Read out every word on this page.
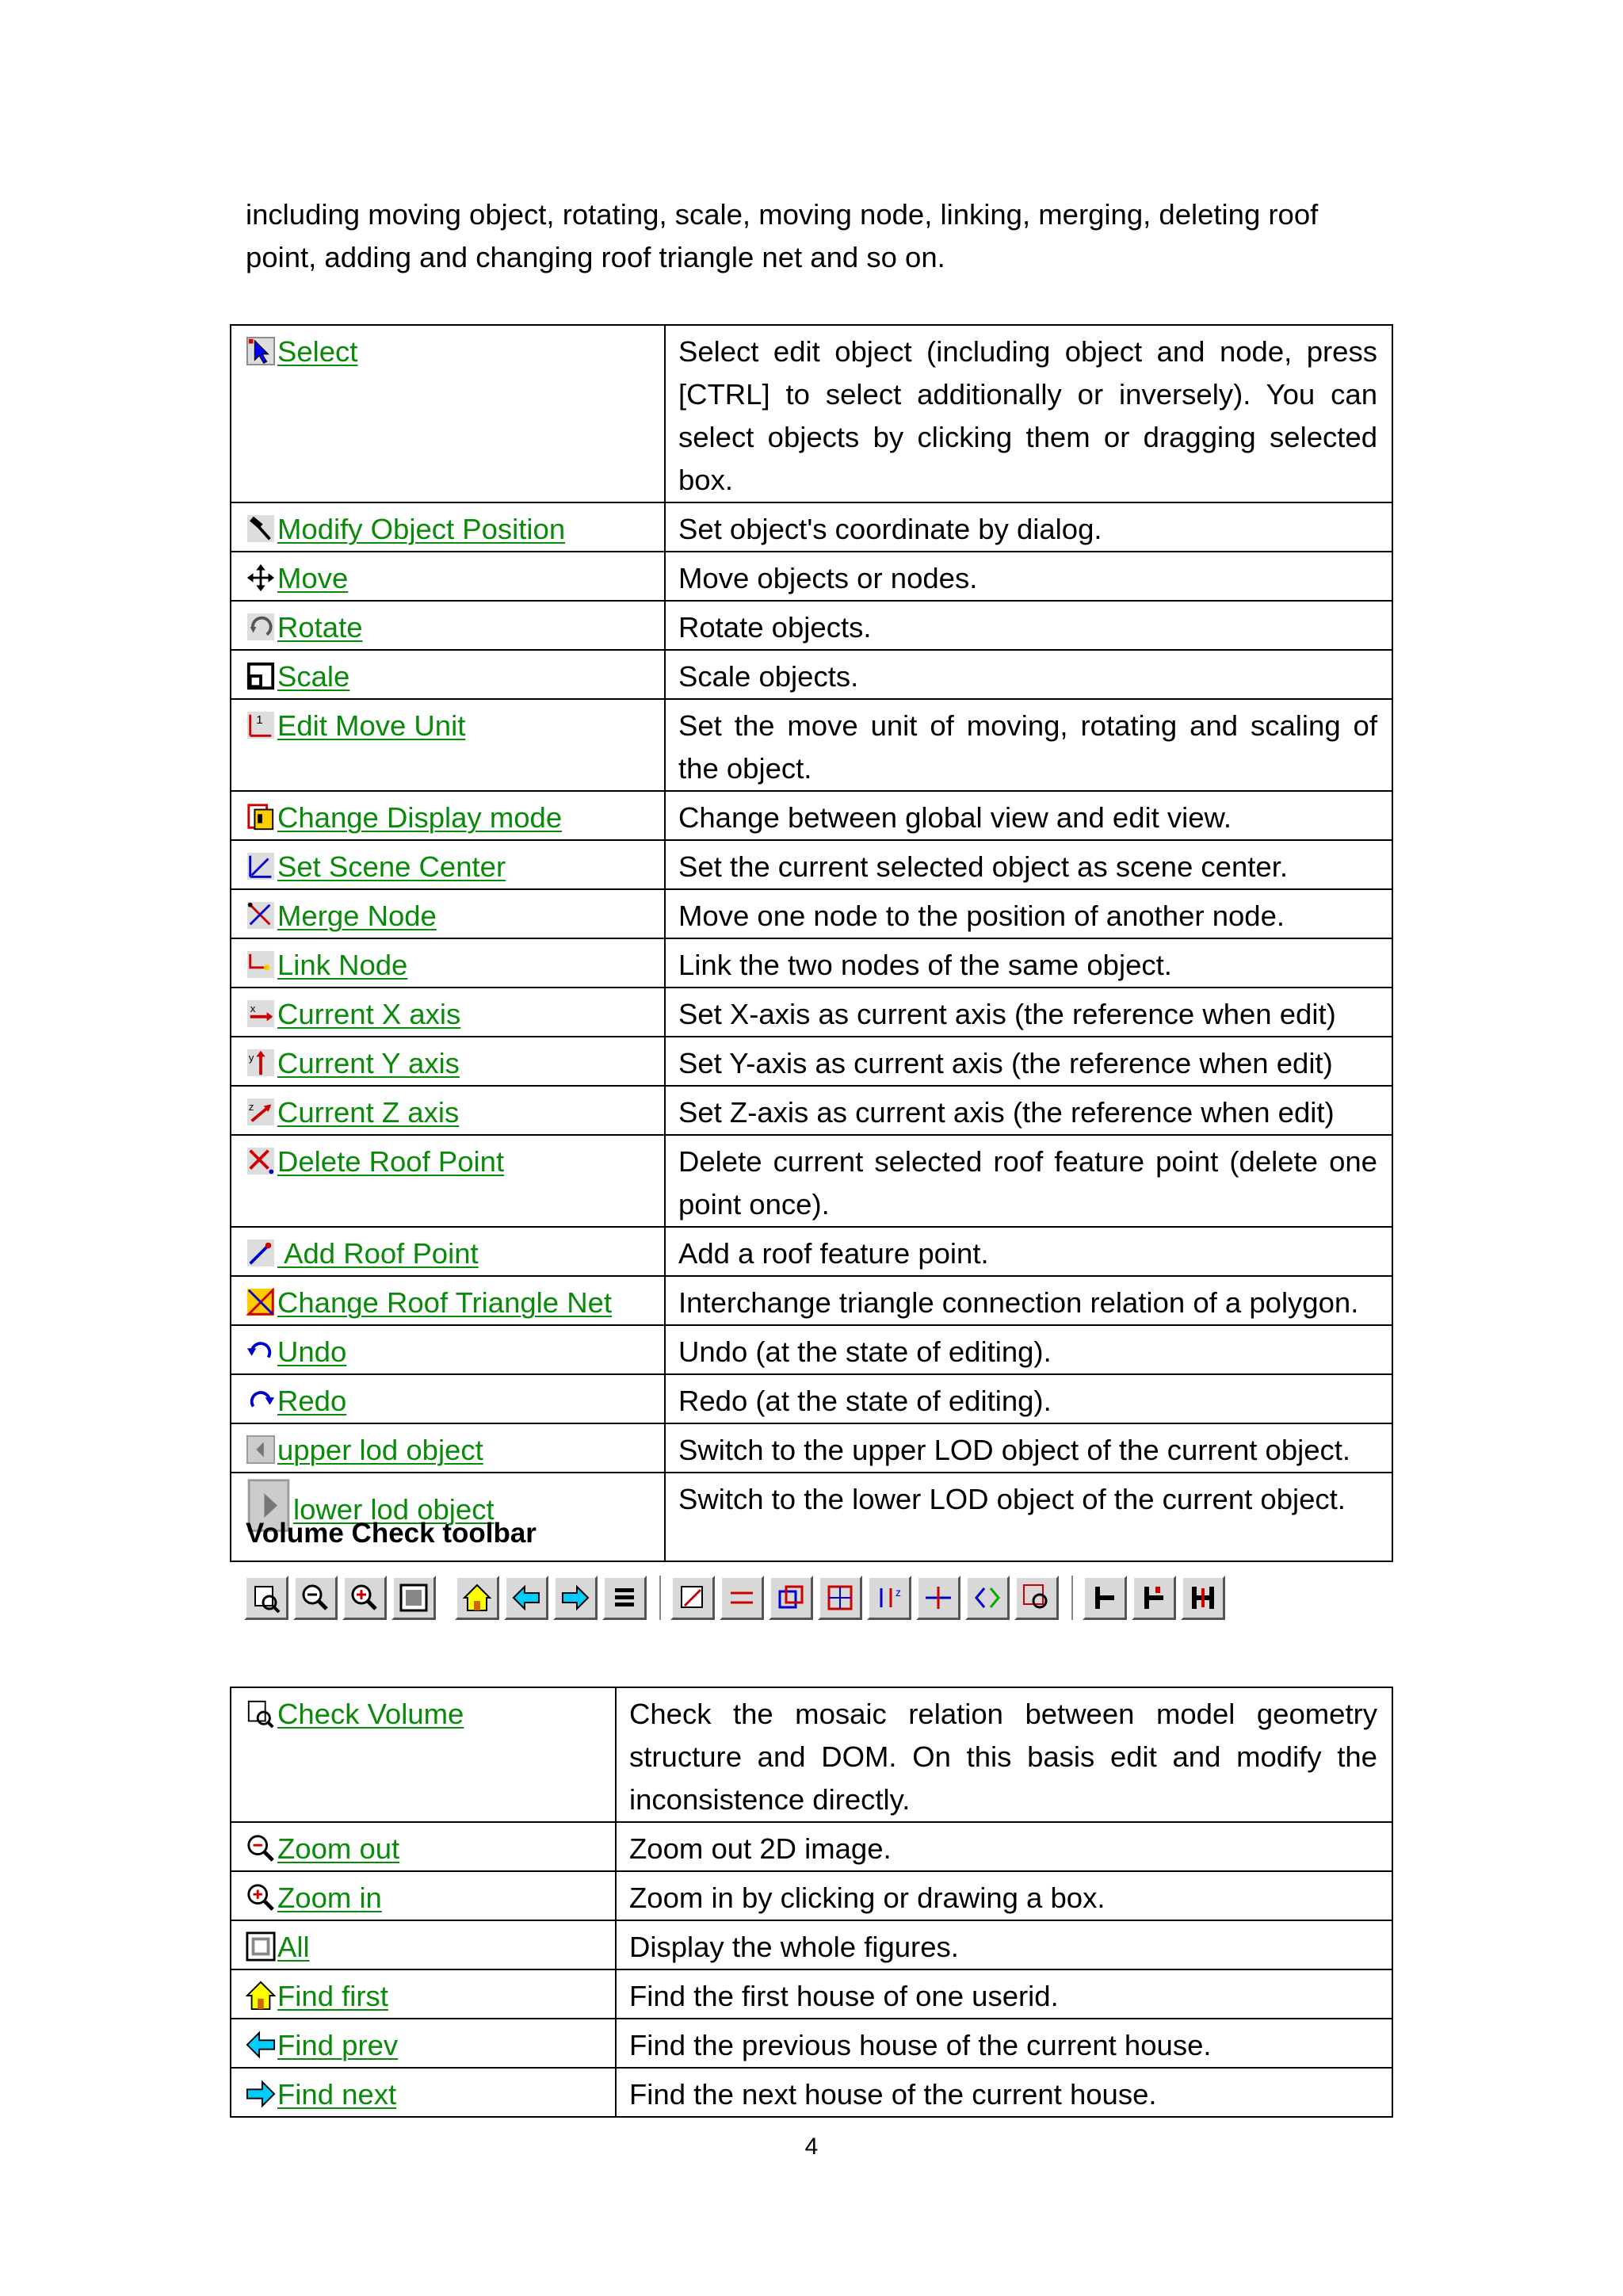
including moving object, rotating, scale, moving node, linking, merging, deleting roof point, adding and changing roof triangle net and so on.
Select	Select edit object (including object and node, press [CTRL] to select additionally or inversely). You can select objects by clicking them or dragging selected box.

Modify Object Position	Set object's coordinate by dialog.

Move	Move objects or nodes.

Rotate	Rotate objects.

Scale	Scale objects.

1 Edit Move Unit	Set the move unit of moving, rotating and scaling of the object.

Change Display mode	Change between global view and edit view.

Set Scene Center	Set the current selected object as scene center.

Merge Node	Move one node to the position of another node.

Link Node	Link the two nodes of the same object.

x Current X axis	Set X-axis as current axis (the reference when edit)

y Current Y axis	Set Y-axis as current axis (the reference when edit)

z Current Z axis	Set Z-axis as current axis (the reference when edit)

Delete Roof Point	Delete current selected roof feature point (delete one point once).

Add Roof Point	Add a roof feature point.

Change Roof Triangle Net	Interchange triangle connection relation of a polygon.

Undo	Undo (at the state of editing).

Redo	Redo (at the state of editing).

upper lod object	Switch to the upper LOD object of the current object.

lower lod object	Switch to the lower LOD object of the current object.
Volume Check toolbar
z
Check Volume	Check the mosaic relation between model geometry structure and DOM. On this basis edit and modify the inconsistence directly.

Zoom out	Zoom out 2D image.

Zoom in	Zoom in by clicking or drawing a box.

All	Display the whole figures.

Find first	Find the first house of one userid.

Find prev	Find the previous house of the current house.

Find next	Find the next house of the current house.
4
